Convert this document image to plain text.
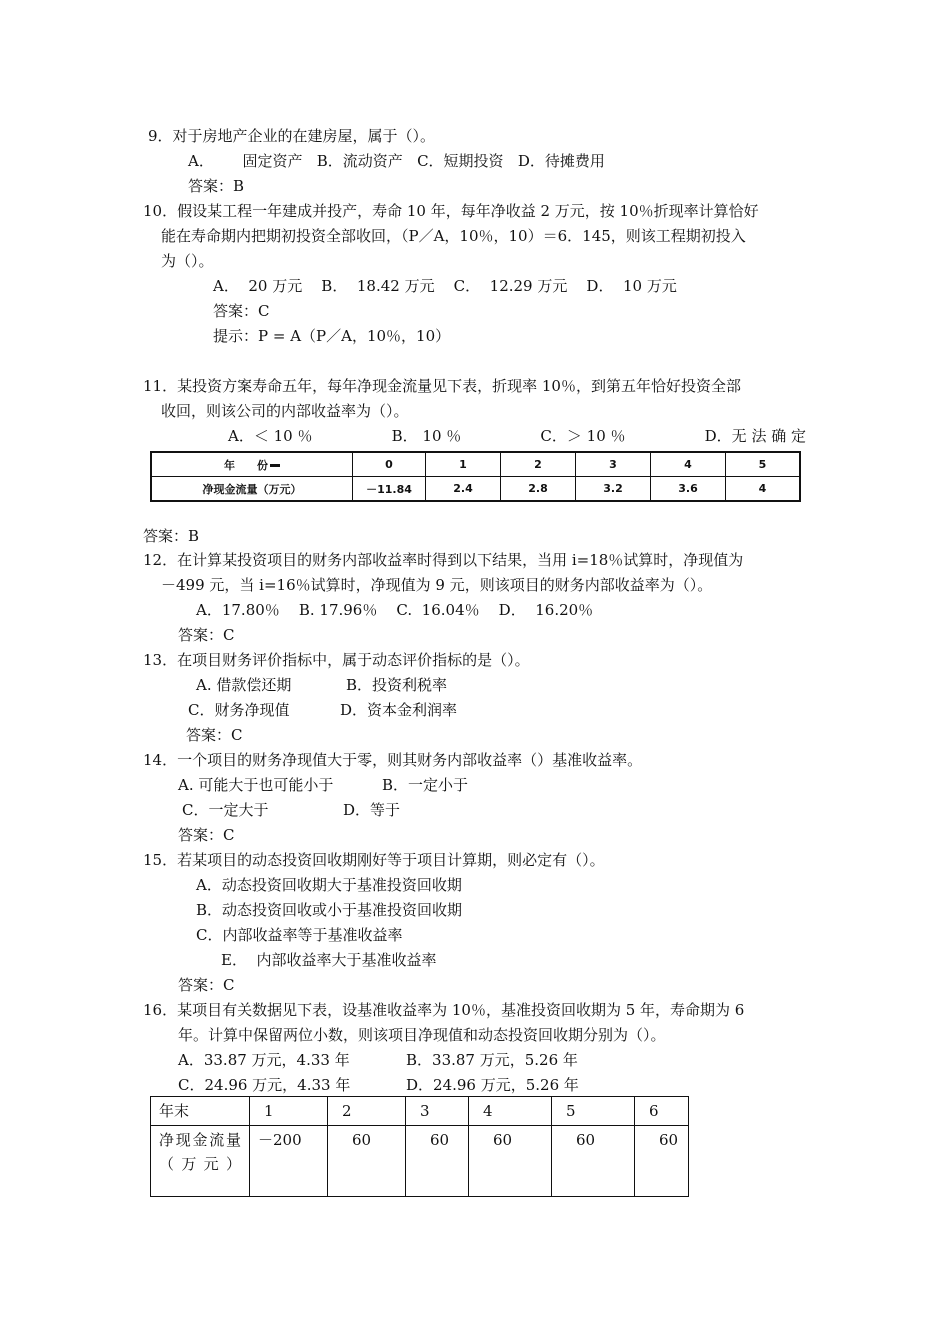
9．对于房地产企业的在建房屋，属于（）。
A．      固定资产   B．流动资产   C．短期投资   D．待摊费用
答案：B
10．假设某工程一年建成并投产，寿命 10 年，每年净收益 2 万元，按 10％折现率计算恰好
能在寿命期内把期初投资全部收回，（P／A，10％，10）＝6．145，则该工程期初投入
为（）。
A．  20 万元    B．  18.42 万元    C．  12.29 万元    D．  10 万元
答案：C
提示：P = A（P／A，10％，10）
11．某投资方案寿命五年，每年净现金流量见下表，折现率 10％，到第五年恰好投资全部
收回，则该公司的内部收益率为（）。
A．＜ 10 ％	B． 10 ％	C．＞ 10 ％	D．无 法 确 定
年　　份	0	1	2	3	4	5
净现金流量（万元）	－11.84	2.4	2.8	3.2	3.6	4
答案：B
12．在计算某投资项目的财务内部收益率时得到以下结果，当用 i=18％试算时，净现值为
－499 元，当 i=16％试算时，净现值为 9 元，则该项目的财务内部收益率为（）。
A．17.80％    B. 17.96％    C.  16.04％    D．  16.20％
答案：C
13．在项目财务评价指标中，属于动态评价指标的是（）。
A. 借款偿还期	B．投资利税率
C．财务净现值	D．资本金利润率
答案：C
14．一个项目的财务净现值大于零，则其财务内部收益率（）基准收益率。
A. 可能大于也可能小于	B．一定小于
C．一定大于	D．等于
答案：C
15．若某项目的动态投资回收期刚好等于项目计算期，则必定有（）。
A．动态投资回收期大于基准投资回收期
B．动态投资回收或小于基准投资回收期
C．内部收益率等于基准收益率
E．  内部收益率大于基准收益率
答案：C
16．某项目有关数据见下表，设基准收益率为 10％，基准投资回收期为 5 年，寿命期为 6
年。计算中保留两位小数，则该项目净现值和动态投资回收期分别为（）。
A．33.87 万元，4.33 年	B．33.87 万元，5.26 年
C．24.96 万元，4.33 年	D．24.96 万元，5.26 年
年末	1	2	3	4	5	6
净现金流量（万元）	－200	60	60	60	60	60
